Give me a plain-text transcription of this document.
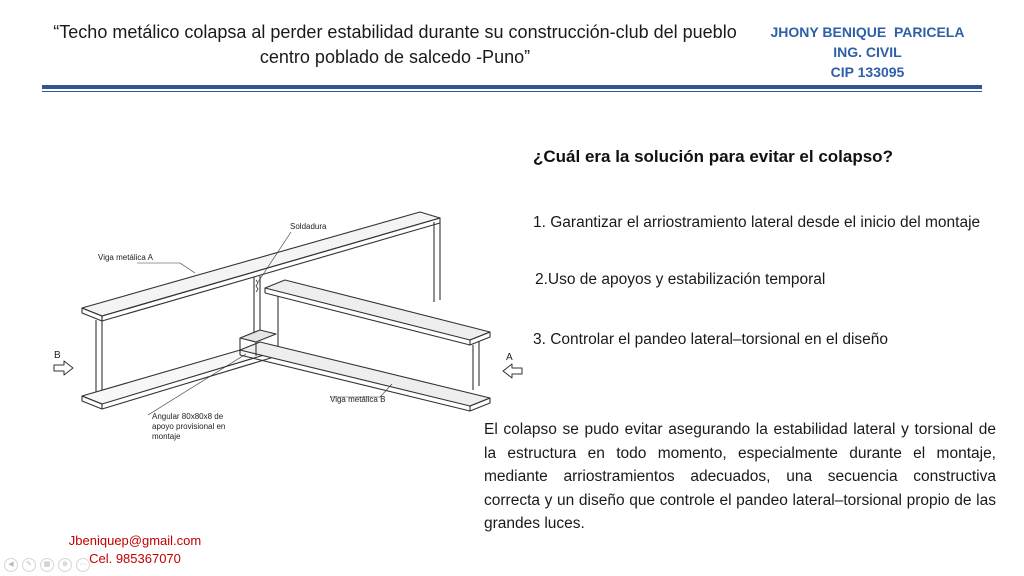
“Techo metálico colapsa al perder estabilidad durante su construcción-club del pueblo centro poblado de salcedo -Puno”
JHONY BENIQUE  PARICELA
ING. CIVIL
CIP 133095
Soldadura
Viga metálica A
Viga metálica B
Angular 80x80x8 de
apoyo provisional en
montaje
B	A
¿Cuál era la solución para evitar el colapso?
1. Garantizar el arriostramiento lateral desde el inicio del montaje
2.Uso de apoyos y estabilización temporal
3. Controlar el pandeo lateral–torsional en el diseño
El colapso se pudo evitar asegurando la estabilidad lateral y torsional de la estructura en todo momento, especialmente durante el montaje, mediante arriostramientos adecuados, una secuencia constructiva correcta y un diseño que controle el pandeo lateral–torsional propio de las grandes luces.
Jbeniquep@gmail.com
Cel. 985367070
◀	✎	▦	⊕	⋯
